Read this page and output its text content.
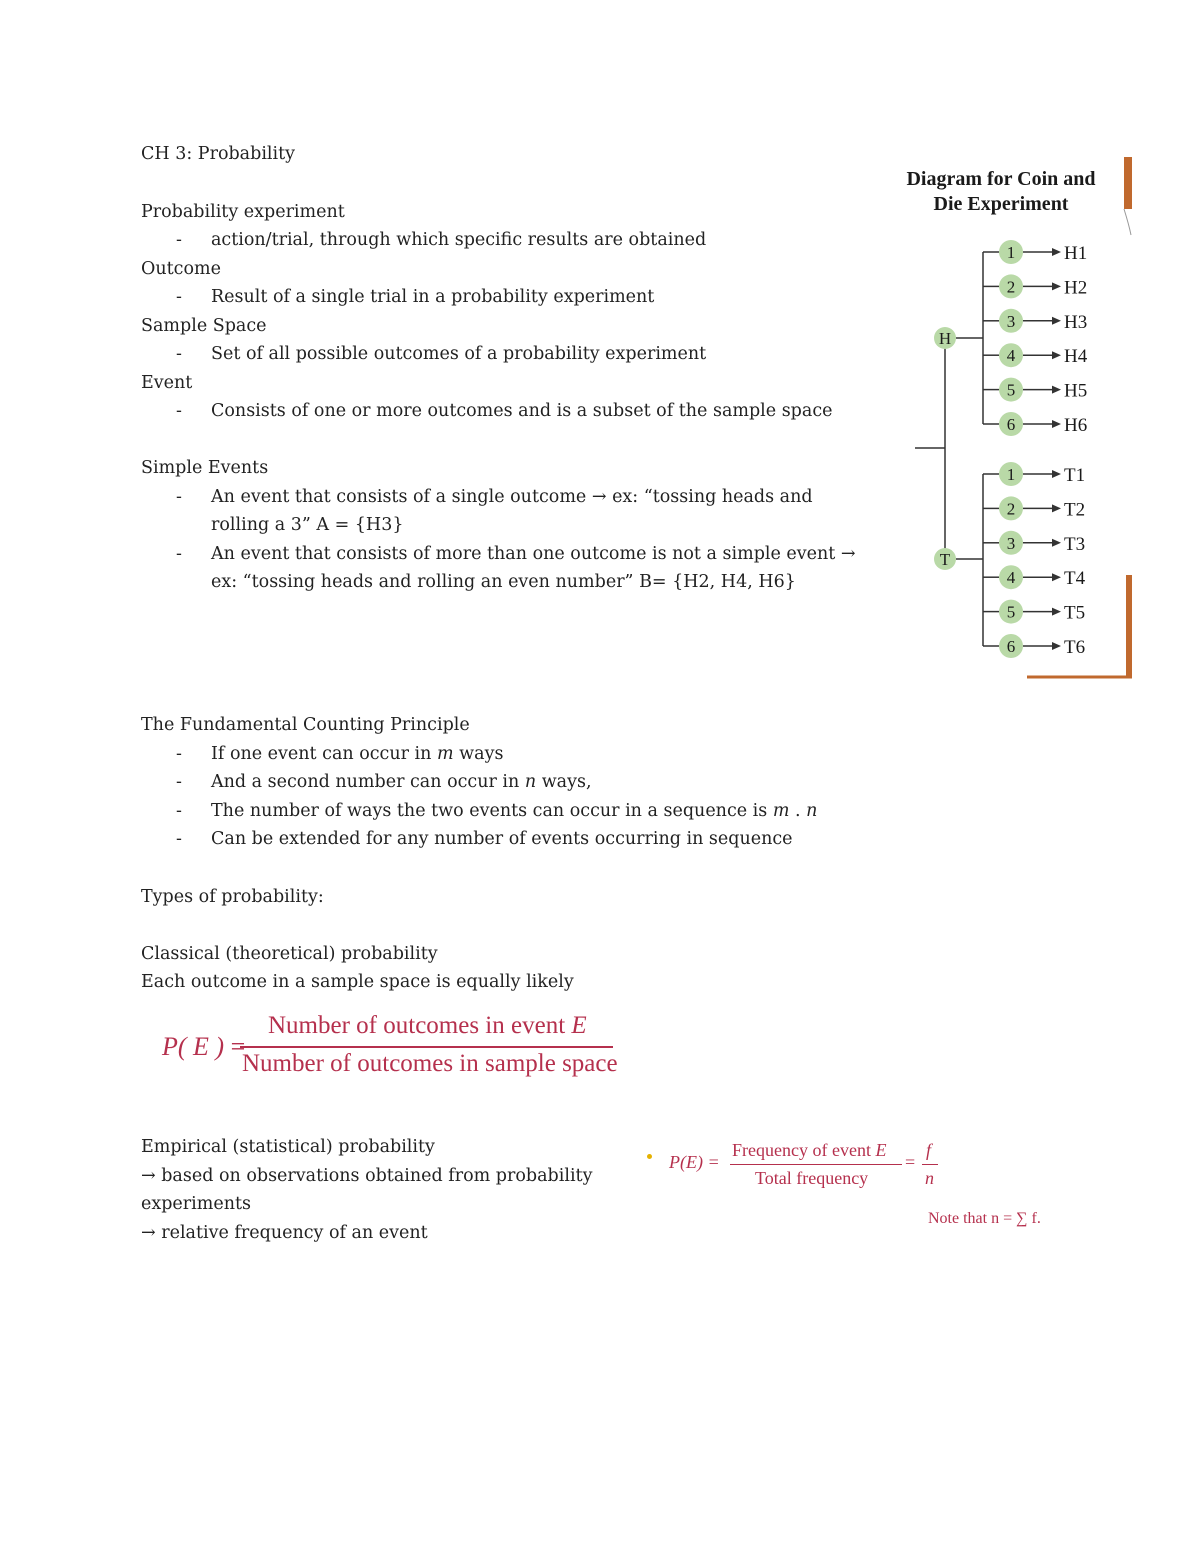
CH 3: Probability
Probability experiment
- action/trial, through which specific results are obtained
Outcome
- Result of a single trial in a probability experiment
Sample Space
- Set of all possible outcomes of a probability experiment
Event
- Consists of one or more outcomes and is a subset of the sample space
Simple Events
- An event that consists of a single outcome → ex: “tossing heads and
rolling a 3” A = {H3}
- An event that consists of more than one outcome is not a simple event →
ex: “tossing heads and rolling an even number” B= {H2, H4, H6}
The Fundamental Counting Principle
- If one event can occur in m ways
- And a second number can occur in n ways,
- The number of ways the two events can occur in a sequence is m . n
- Can be extended for any number of events occurring in sequence
Types of probability:
Classical (theoretical) probability
Each outcome in a sample space is equally likely
P( E ) =
Number of outcomes in event E
Number of outcomes in sample space
Empirical (statistical) probability
→ based on observations obtained from probability
experiments
→ relative frequency of an event
P(E) =
Frequency of event E
Total frequency
=
f
n
Note that n = ∑ f.
Diagram for Coin and
Die Experiment
H
1	H1
2	H2
3	H3
4	H4
5	H5
6	H6
T
1	T1
2	T2
3	T3
4	T4
5	T5
6	T6
